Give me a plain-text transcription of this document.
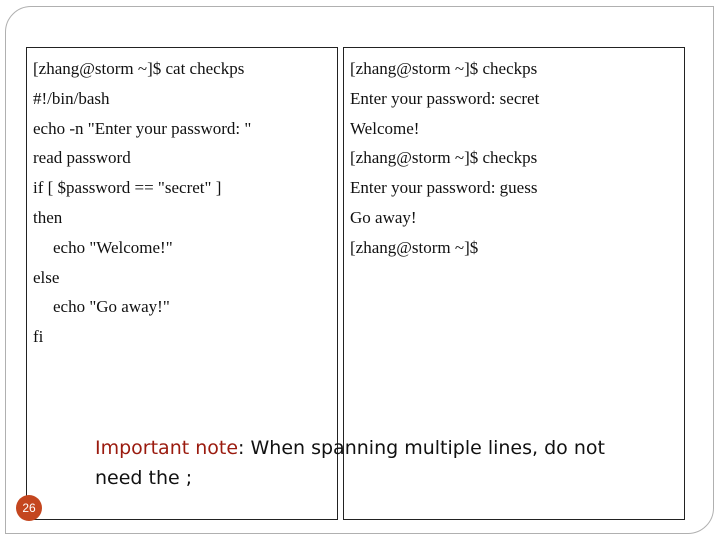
[zhang@storm ~]$ cat checkps
#!/bin/bash
echo -n "Enter your password: "
read password
if [ $password == "secret" ]
then
echo "Welcome!"
else
echo "Go away!"
fi
[zhang@storm ~]$ checkps
Enter your password: secret
Welcome!
[zhang@storm ~]$ checkps
Enter your password: guess
Go away!
[zhang@storm ~]$
Important note: When spanning multiple lines, do not need the ;
26
